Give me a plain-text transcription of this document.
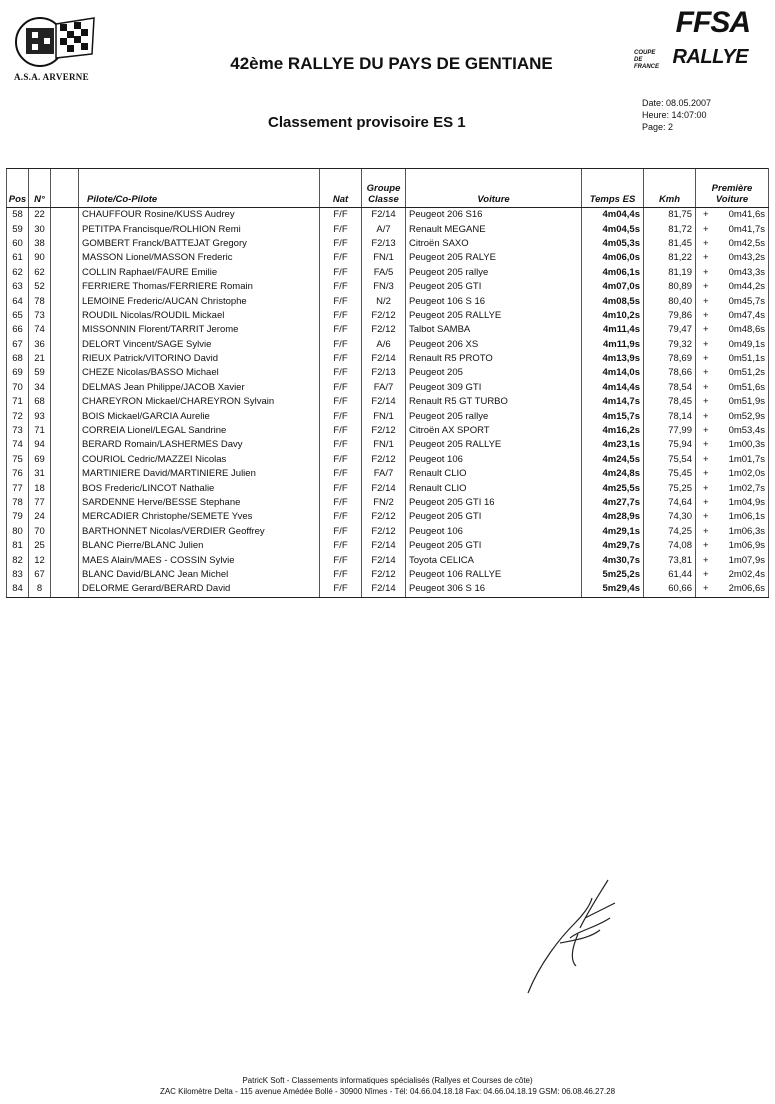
A.S.A. ARVERNE
FFSA
COUPE DE FRANCE RALLYE
42ème RALLYE DU PAYS DE GENTIANE
Classement provisoire ES 1
Date: 08.05.2007
Heure: 14:07:00
Page: 2
Pos	N°		Pilote/Co-Pilote	Nat	Groupe Classe	Voiture	Temps ES	Kmh	Première Voiture
58	22		CHAUFFOUR Rosine/KUSS Audrey	F/F	F2/14	Peugeot 206 S16	4m04,4s	81,75	+ 0m41,6s
59	30		PETITPA Francisque/ROLHION Remi	F/F	A/7	Renault MEGANE	4m04,5s	81,72	+ 0m41,7s
60	38		GOMBERT Franck/BATTEJAT Gregory	F/F	F2/13	Citroën SAXO	4m05,3s	81,45	+ 0m42,5s
61	90		MASSON Lionel/MASSON Frederic	F/F	FN/1	Peugeot 205 RALYE	4m06,0s	81,22	+ 0m43,2s
62	62		COLLIN Raphael/FAURE Emilie	F/F	FA/5	Peugeot 205 rallye	4m06,1s	81,19	+ 0m43,3s
63	52		FERRIERE Thomas/FERRIERE Romain	F/F	FN/3	Peugeot 205 GTI	4m07,0s	80,89	+ 0m44,2s
64	78		LEMOINE Frederic/AUCAN Christophe	F/F	N/2	Peugeot 106 S 16	4m08,5s	80,40	+ 0m45,7s
65	73		ROUDIL Nicolas/ROUDIL Mickael	F/F	F2/12	Peugeot 205 RALLYE	4m10,2s	79,86	+ 0m47,4s
66	74		MISSONNIN Florent/TARRIT Jerome	F/F	F2/12	Talbot SAMBA	4m11,4s	79,47	+ 0m48,6s
67	36		DELORT Vincent/SAGE Sylvie	F/F	A/6	Peugeot 206 XS	4m11,9s	79,32	+ 0m49,1s
68	21		RIEUX Patrick/VITORINO David	F/F	F2/14	Renault R5 PROTO	4m13,9s	78,69	+ 0m51,1s
69	59		CHEZE Nicolas/BASSO Michael	F/F	F2/13	Peugeot 205	4m14,0s	78,66	+ 0m51,2s
70	34		DELMAS Jean Philippe/JACOB Xavier	F/F	FA/7	Peugeot 309 GTI	4m14,4s	78,54	+ 0m51,6s
71	68		CHAREYRON Mickael/CHAREYRON Sylvain	F/F	F2/14	Renault R5 GT TURBO	4m14,7s	78,45	+ 0m51,9s
72	93		BOIS Mickael/GARCIA Aurelie	F/F	FN/1	Peugeot 205 rallye	4m15,7s	78,14	+ 0m52,9s
73	71		CORREIA Lionel/LEGAL Sandrine	F/F	F2/12	Citroën AX SPORT	4m16,2s	77,99	+ 0m53,4s
74	94		BERARD Romain/LASHERMES Davy	F/F	FN/1	Peugeot 205 RALLYE	4m23,1s	75,94	+ 1m00,3s
75	69		COURIOL Cedric/MAZZEI Nicolas	F/F	F2/12	Peugeot 106	4m24,5s	75,54	+ 1m01,7s
76	31		MARTINIERE David/MARTINIERE Julien	F/F	FA/7	Renault CLIO	4m24,8s	75,45	+ 1m02,0s
77	18		BOS Frederic/LINCOT Nathalie	F/F	F2/14	Renault CLIO	4m25,5s	75,25	+ 1m02,7s
78	77		SARDENNE Herve/BESSE Stephane	F/F	FN/2	Peugeot 205 GTI 16	4m27,7s	74,64	+ 1m04,9s
79	24		MERCADIER Christophe/SEMETE Yves	F/F	F2/12	Peugeot 205 GTI	4m28,9s	74,30	+ 1m06,1s
80	70		BARTHONNET Nicolas/VERDIER Geoffrey	F/F	F2/12	Peugeot 106	4m29,1s	74,25	+ 1m06,3s
81	25		BLANC Pierre/BLANC Julien	F/F	F2/14	Peugeot 205 GTI	4m29,7s	74,08	+ 1m06,9s
82	12		MAES Alain/MAES - COSSIN Sylvie	F/F	F2/14	Toyota CELICA	4m30,7s	73,81	+ 1m07,9s
83	67		BLANC David/BLANC Jean Michel	F/F	F2/12	Peugeot 106 RALLYE	5m25,2s	61,44	+ 2m02,4s
84	8		DELORME Gerard/BERARD David	F/F	F2/14	Peugeot 306 S 16	5m29,4s	60,66	+ 2m06,6s
PatricK Soft - Classements informatiques spécialisés (Rallyes et Courses de côte)
ZAC Kilomètre Delta - 115 avenue Amédée Bollé - 30900 Nîmes - Tél: 04.66.04.18.18 Fax: 04.66.04.18.19 GSM: 06.08.46.27.28
